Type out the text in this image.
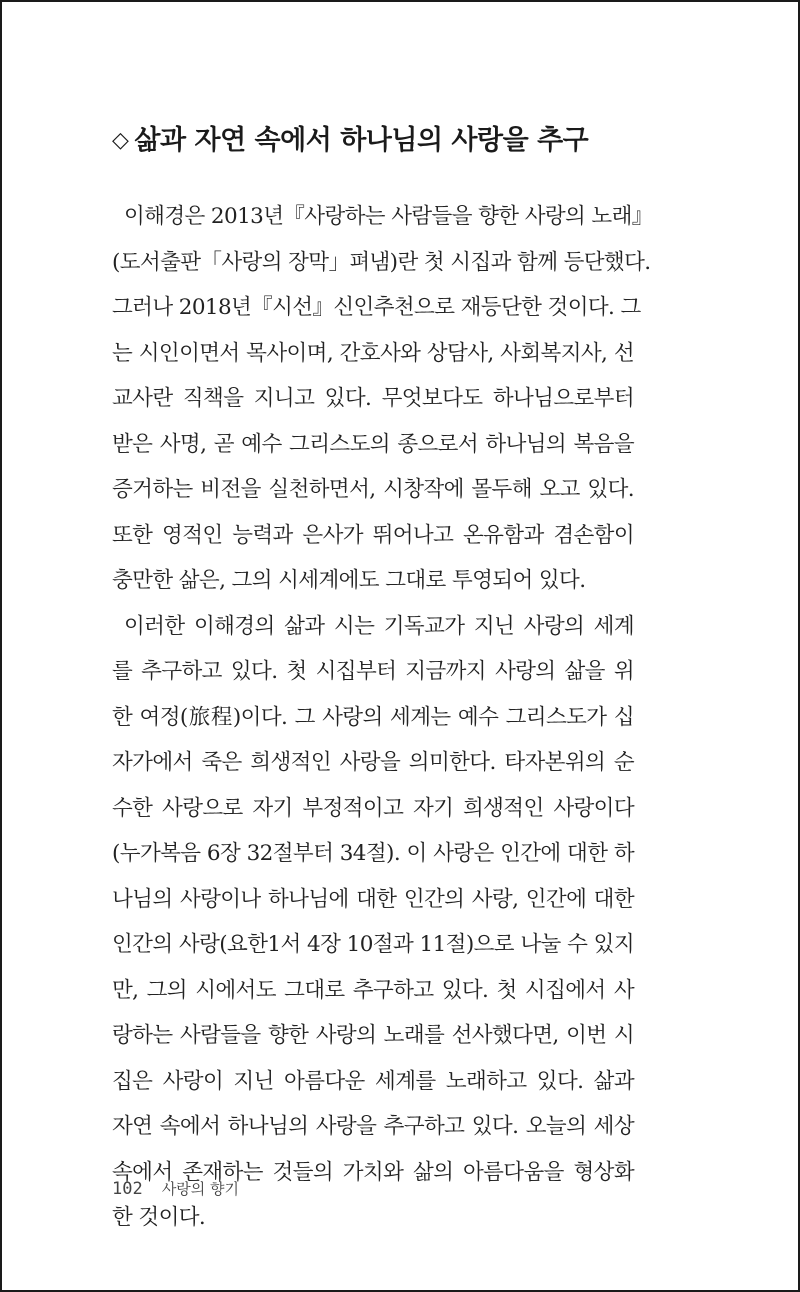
◇ 삶과 자연 속에서 하나님의 사랑을 추구
이해경은 2013년『사랑하는 사람들을 향한 사랑의 노래』
(도서출판「사랑의 장막」펴냄)란 첫 시집과 함께 등단했다.
그러나 2018년『시선』신인추천으로 재등단한 것이다. 그
는 시인이면서 목사이며, 간호사와 상담사, 사회복지사, 선
교사란 직책을 지니고 있다. 무엇보다도 하나님으로부터
받은 사명, 곧 예수 그리스도의 종으로서 하나님의 복음을
증거하는 비전을 실천하면서, 시창작에 몰두해 오고 있다.
또한 영적인 능력과 은사가 뛰어나고 온유함과 겸손함이
충만한 삶은, 그의 시세계에도 그대로 투영되어 있다.
이러한 이해경의 삶과 시는 기독교가 지닌 사랑의 세계
를 추구하고 있다. 첫 시집부터 지금까지 사랑의 삶을 위
한 여정(旅程)이다. 그 사랑의 세계는 예수 그리스도가 십
자가에서 죽은 희생적인 사랑을 의미한다. 타자본위의 순
수한 사랑으로 자기 부정적이고 자기 희생적인 사랑이다
(누가복음 6장 32절부터 34절). 이 사랑은 인간에 대한 하
나님의 사랑이나 하나님에 대한 인간의 사랑, 인간에 대한
인간의 사랑(요한1서 4장 10절과 11절)으로 나눌 수 있지
만, 그의 시에서도 그대로 추구하고 있다. 첫 시집에서 사
랑하는 사람들을 향한 사랑의 노래를 선사했다면, 이번 시
집은 사랑이 지닌 아름다운 세계를 노래하고 있다. 삶과
자연 속에서 하나님의 사랑을 추구하고 있다. 오늘의 세상
속에서 존재하는 것들의 가치와 삶의 아름다움을 형상화
한 것이다.
102 사랑의 향기
